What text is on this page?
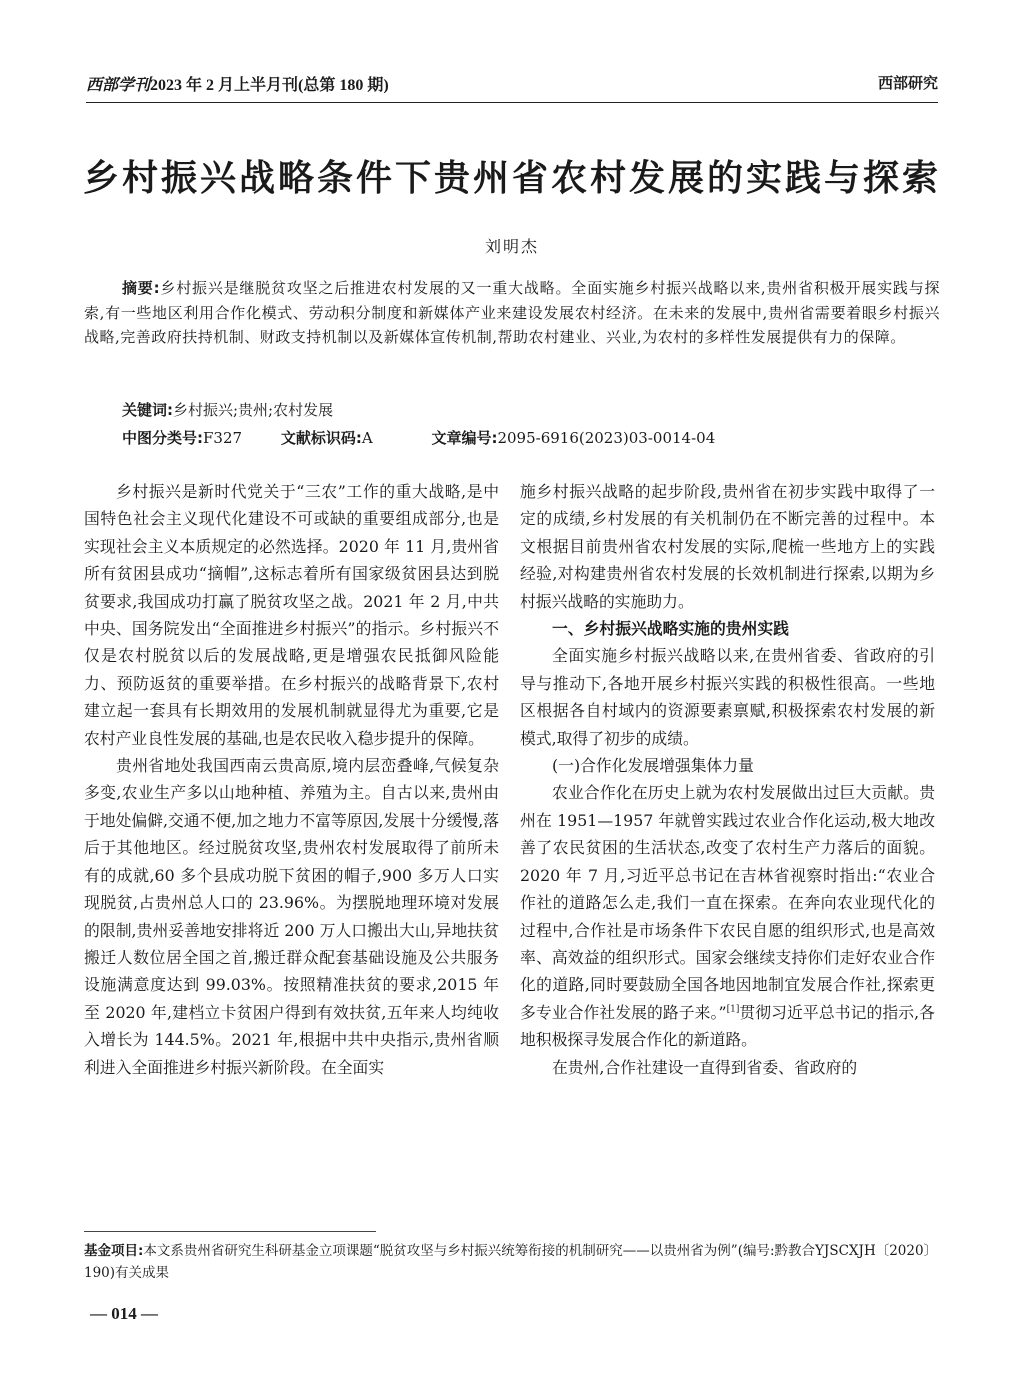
西部学刊2023 年 2 月上半月刊(总第 180 期)	西部研究
乡村振兴战略条件下贵州省农村发展的实践与探索
刘明杰
摘要:乡村振兴是继脱贫攻坚之后推进农村发展的又一重大战略。全面实施乡村振兴战略以来,贵州省积极开展实践与探索,有一些地区利用合作化模式、劳动积分制度和新媒体产业来建设发展农村经济。在未来的发展中,贵州省需要着眼乡村振兴战略,完善政府扶持机制、财政支持机制以及新媒体宣传机制,帮助农村建业、兴业,为农村的多样性发展提供有力的保障。
关键词:乡村振兴;贵州;农村发展
中图分类号:F327	文献标识码:A	文章编号:2095-6916(2023)03-0014-04

乡村振兴是新时代党关于“三农”工作的重大战略,是中国特色社会主义现代化建设不可或缺的重要组成部分,也是实现社会主义本质规定的必然选择。2020 年 11 月,贵州省所有贫困县成功“摘帽”,这标志着所有国家级贫困县达到脱贫要求,我国成功打赢了脱贫攻坚之战。2021 年 2 月,中共中央、国务院发出“全面推进乡村振兴”的指示。乡村振兴不仅是农村脱贫以后的发展战略,更是增强农民抵御风险能力、预防返贫的重要举措。在乡村振兴的战略背景下,农村建立起一套具有长期效用的发展机制就显得尤为重要,它是农村产业良性发展的基础,也是农民收入稳步提升的保障。

贵州省地处我国西南云贵高原,境内层峦叠峰,气候复杂多变,农业生产多以山地种植、养殖为主。自古以来,贵州由于地处偏僻,交通不便,加之地力不富等原因,发展十分缓慢,落后于其他地区。经过脱贫攻坚,贵州农村发展取得了前所未有的成就,60 多个县成功脱下贫困的帽子,900 多万人口实现脱贫,占贵州总人口的 23.96%。为摆脱地理环境对发展的限制,贵州妥善地安排将近 200 万人口搬出大山,异地扶贫搬迁人数位居全国之首,搬迁群众配套基础设施及公共服务设施满意度达到 99.03%。按照精准扶贫的要求,2015 年至 2020 年,建档立卡贫困户得到有效扶贫,五年来人均纯收入增长为 144.5%。2021 年,根据中共中央指示,贵州省顺利进入全面推进乡村振兴新阶段。在全面实

施乡村振兴战略的起步阶段,贵州省在初步实践中取得了一定的成绩,乡村发展的有关机制仍在不断完善的过程中。本文根据目前贵州省农村发展的实际,爬梳一些地方上的实践经验,对构建贵州省农村发展的长效机制进行探索,以期为乡村振兴战略的实施助力。

一、乡村振兴战略实施的贵州实践

全面实施乡村振兴战略以来,在贵州省委、省政府的引导与推动下,各地开展乡村振兴实践的积极性很高。一些地区根据各自村域内的资源要素禀赋,积极探索农村发展的新模式,取得了初步的成绩。

(一)合作化发展增强集体力量

农业合作化在历史上就为农村发展做出过巨大贡献。贵州在 1951—1957 年就曾实践过农业合作化运动,极大地改善了农民贫困的生活状态,改变了农村生产力落后的面貌。2020 年 7 月,习近平总书记在吉林省视察时指出:“农业合作社的道路怎么走,我们一直在探索。在奔向农业现代化的过程中,合作社是市场条件下农民自愿的组织形式,也是高效率、高效益的组织形式。国家会继续支持你们走好农业合作化的道路,同时要鼓励全国各地因地制宜发展合作社,探索更多专业合作社发展的路子来。”[1]贯彻习近平总书记的指示,各地积极探寻发展合作化的新道路。

在贵州,合作社建设一直得到省委、省政府的

基金项目:本文系贵州省研究生科研基金立项课题“脱贫攻坚与乡村振兴统筹衔接的机制研究——以贵州省为例”(编号:黔教合YJSCXJH〔2020〕190)有关成果
— 014 —
